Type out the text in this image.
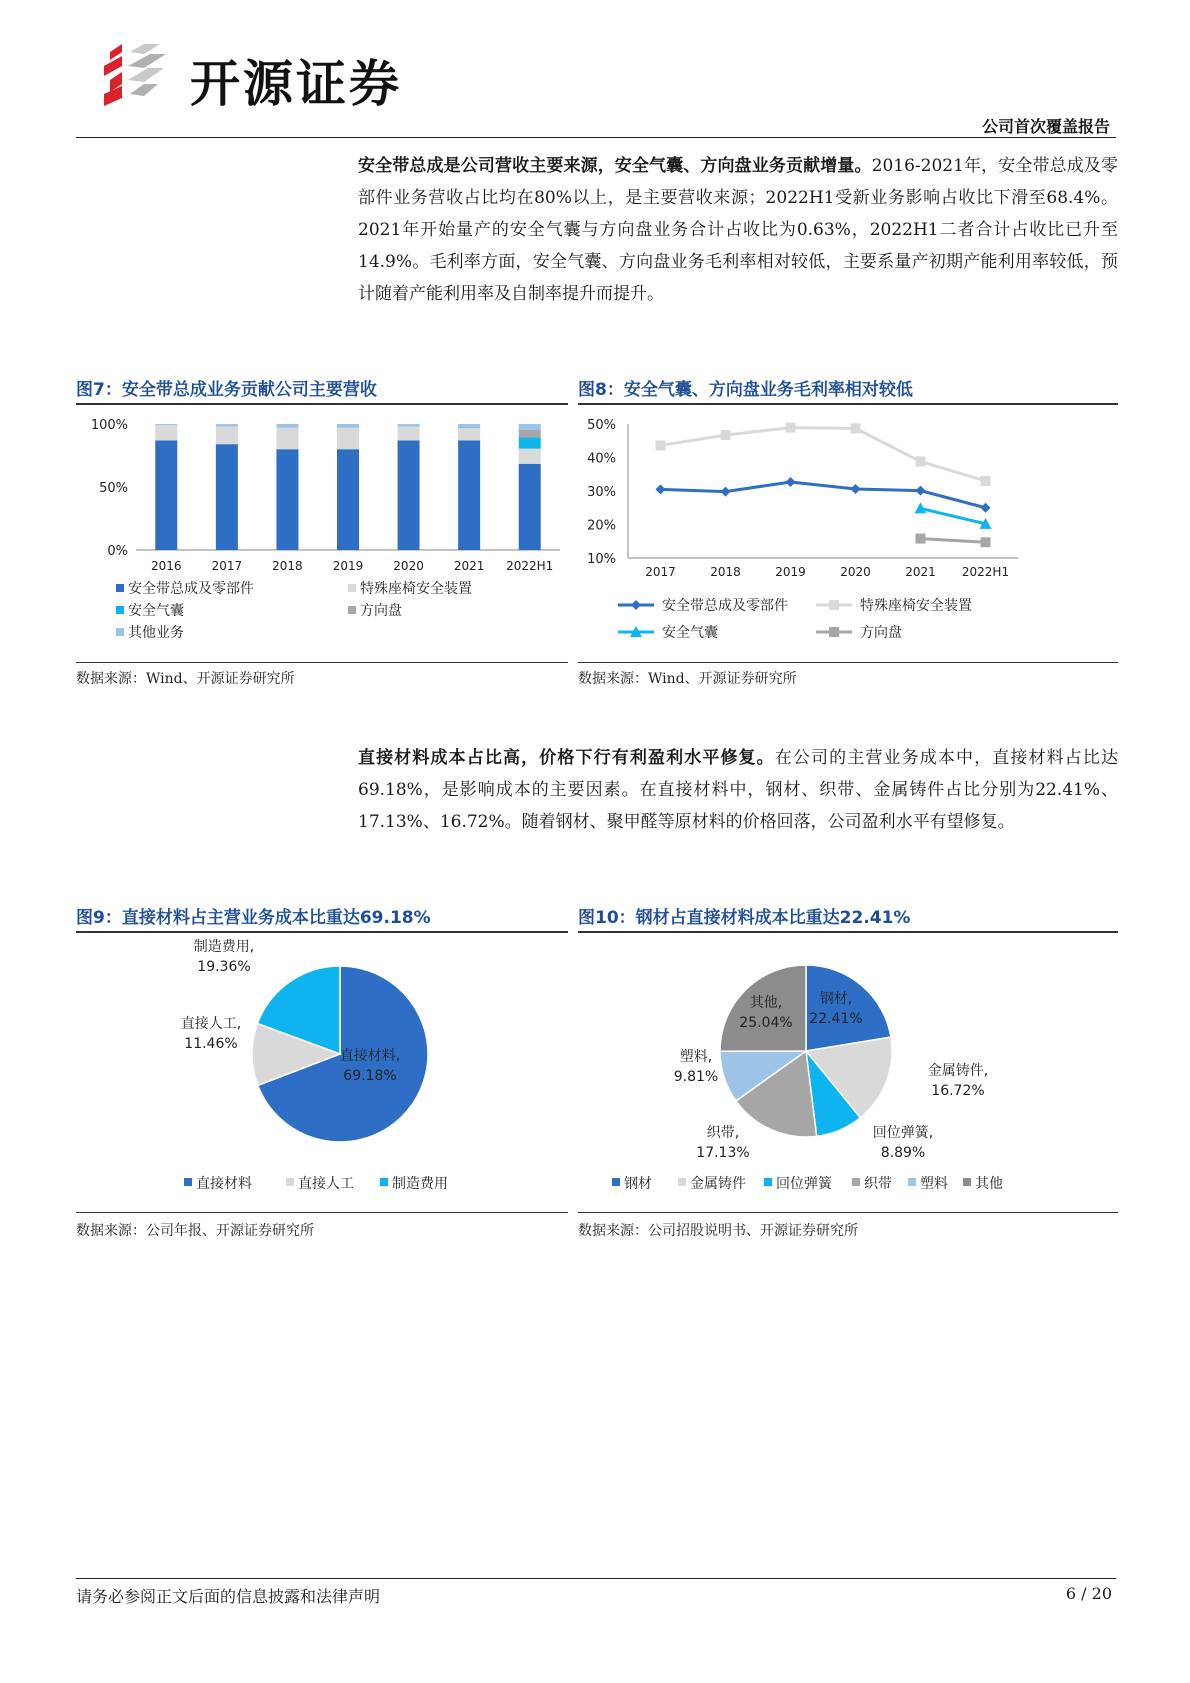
开源证券
公司首次覆盖报告
安全带总成是公司营收主要来源，安全气囊、方向盘业务贡献增量。2016-2021年，安全带总成及零部件业务营收占比均在80%以上，是主要营收来源；2022H1受新业务影响占收比下滑至68.4%。2021年开始量产的安全气囊与方向盘业务合计占收比为0.63%，2022H1二者合计占收比已升至14.9%。毛利率方面，安全气囊、方向盘业务毛利率相对较低，主要系量产初期产能利用率较低，预计随着产能利用率及自制率提升而提升。
图7：安全带总成业务贡献公司主要营收
0%
50%
100%
2016	2017	2018	2019	2020	2021 2022H1
安全带总成及零部件	特殊座椅安全装置
安全气囊	方向盘
其他业务
数据来源：Wind、开源证券研究所
图8：安全气囊、方向盘业务毛利率相对较低
10%
20%
30%
40%
50%
2017	2018	2019	2020	2021 2022H1
安全带总成及零部件	特殊座椅安全装置
安全气囊	方向盘
数据来源：Wind、开源证券研究所
直接材料成本占比高，价格下行有利盈利水平修复。在公司的主营业务成本中，直接材料占比达69.18%，是影响成本的主要因素。在直接材料中，钢材、织带、金属铸件占比分别为22.41%、17.13%、16.72%。随着钢材、聚甲醛等原材料的价格回落，公司盈利水平有望修复。
图9：直接材料占主营业务成本比重达69.18%
直接材料,
69.18%
直接人工,
11.46%
制造费用,
19.36%
直接材料	直接人工	制造费用
数据来源：公司年报、开源证券研究所
图10：钢材占直接材料成本比重达22.41%
钢材,
22.41%
金属铸件,
16.72%
回位弹簧,
8.89%
织带,
17.13%
塑料,
9.81%
其他,
25.04%
钢材	金属铸件 回位弹簧 织带 塑料 其他
数据来源：公司招股说明书、开源证券研究所
请务必参阅正文后面的信息披露和法律声明	6 / 20
